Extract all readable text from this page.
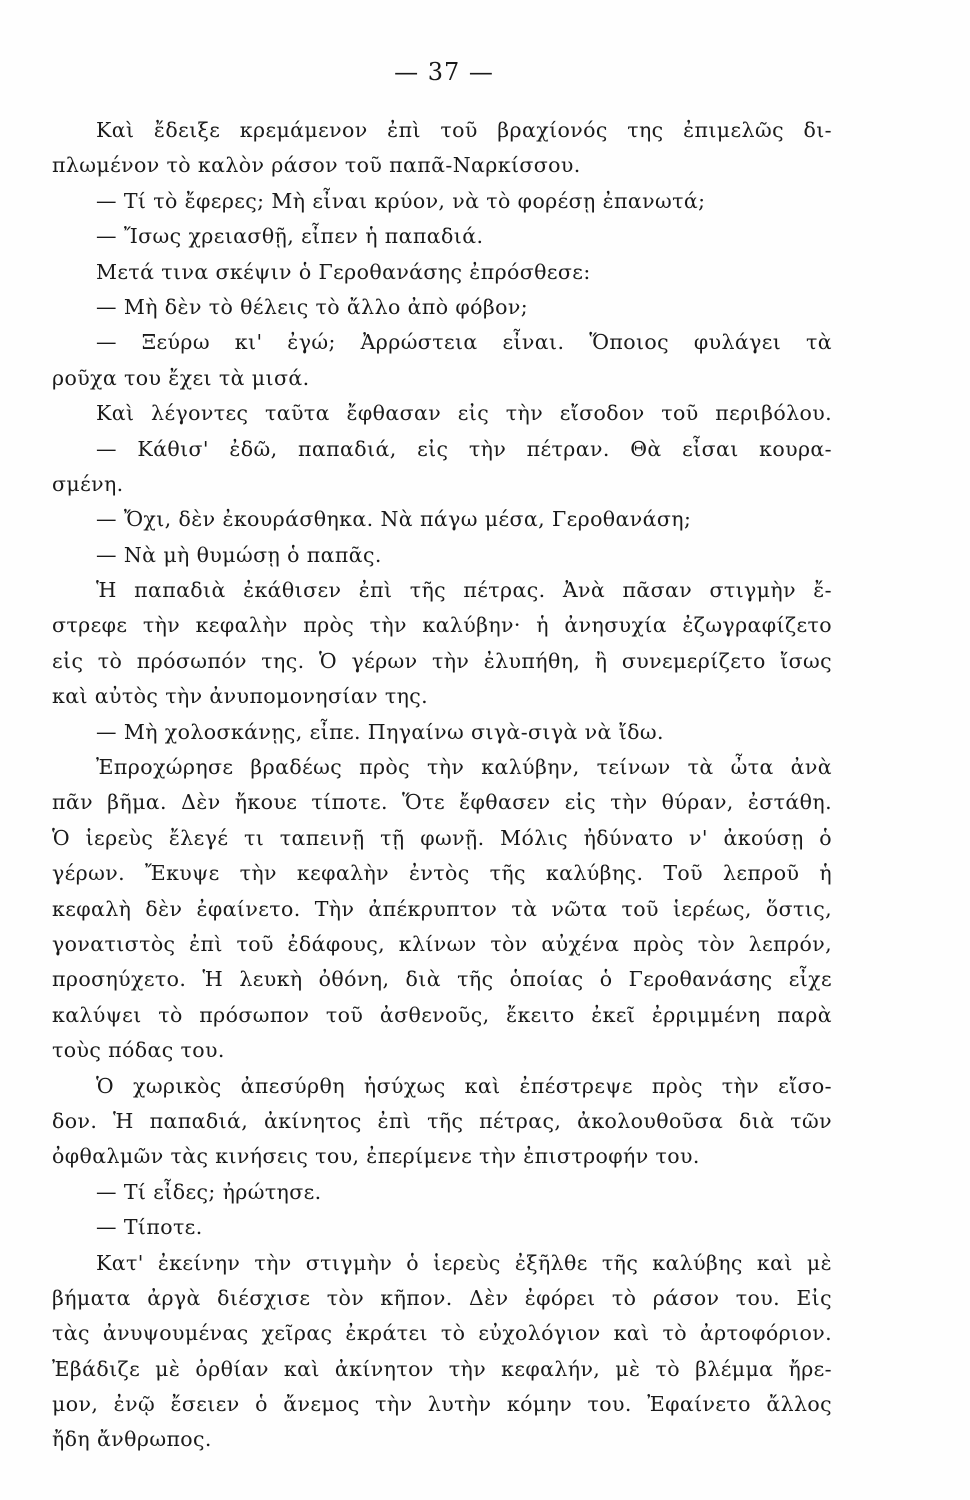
— 37 —
Καὶ ἔδειξε κρεμάμενον ἐπὶ τοῦ βραχίονός της ἐπιμελῶς δι-
πλωμένον τὸ καλὸν ράσον τοῦ παπᾶ-Ναρκίσσου.
— Τί τὸ ἔφερες; Μὴ εἶναι κρύον, νὰ τὸ φορέσῃ ἐπανωτά;
— Ἴσως χρειασθῇ, εἶπεν ἡ παπαδιά.
Μετά τινα σκέψιν ὁ Γεροθανάσης ἐπρόσθεσε:
— Μὴ δὲν τὸ θέλεις τὸ ἄλλο ἀπὸ φόβον;
— Ξεύρω κι' ἐγώ; Ἀρρώστεια εἶναι. Ὅποιος φυλάγει τὰ
ροῦχα του ἔχει τὰ μισά.
Καὶ λέγοντες ταῦτα ἔφθασαν εἰς τὴν εἴσοδον τοῦ περιβόλου.
— Κάθισ' ἐδῶ, παπαδιά, εἰς τὴν πέτραν. Θὰ εἶσαι κουρα-
σμένη.
— Ὄχι, δὲν ἐκουράσθηκα. Νὰ πάγω μέσα, Γεροθανάση;
— Νὰ μὴ θυμώσῃ ὁ παπᾶς.
Ἡ παπαδιὰ ἐκάθισεν ἐπὶ τῆς πέτρας. Ἀνὰ πᾶσαν στιγμὴν ἔ-
στρεφε τὴν κεφαλὴν πρὸς τὴν καλύβην· ἡ ἀνησυχία ἐζωγραφίζετο
εἰς τὸ πρόσωπόν της. Ὁ γέρων τὴν ἐλυπήθη, ἢ συνεμερίζετο ἴσως
καὶ αὐτὸς τὴν ἀνυπομονησίαν της.
— Μὴ χολοσκάνῃς, εἶπε. Πηγαίνω σιγὰ-σιγὰ νὰ ἴδω.
Ἐπροχώρησε βραδέως πρὸς τὴν καλύβην, τείνων τὰ ὦτα ἀνὰ
πᾶν βῆμα. Δὲν ἤκουε τίποτε. Ὅτε ἔφθασεν εἰς τὴν θύραν, ἐστάθη.
Ὁ ἱερεὺς ἔλεγέ τι ταπεινῇ τῇ φωνῇ. Μόλις ἠδύνατο ν' ἀκούσῃ ὁ
γέρων. Ἔκυψε τὴν κεφαλὴν ἐντὸς τῆς καλύβης. Τοῦ λεπροῦ ἡ
κεφαλὴ δὲν ἐφαίνετο. Τὴν ἀπέκρυπτον τὰ νῶτα τοῦ ἱερέως, ὅστις,
γονατιστὸς ἐπὶ τοῦ ἐδάφους, κλίνων τὸν αὐχένα πρὸς τὸν λεπρόν,
προσηύχετο. Ἡ λευκὴ ὀθόνη, διὰ τῆς ὁποίας ὁ Γεροθανάσης εἶχε
καλύψει τὸ πρόσωπον τοῦ ἀσθενοῦς, ἔκειτο ἐκεῖ ἐρριμμένη παρὰ
τοὺς πόδας του.
Ὁ χωρικὸς ἀπεσύρθη ἡσύχως καὶ ἐπέστρεψε πρὸς τὴν εἴσο-
δον. Ἡ παπαδιά, ἀκίνητος ἐπὶ τῆς πέτρας, ἀκολουθοῦσα διὰ τῶν
ὀφθαλμῶν τὰς κινήσεις του, ἐπερίμενε τὴν ἐπιστροφήν του.
— Τί εἶδες; ἠρώτησε.
— Τίποτε.
Κατ' ἐκείνην τὴν στιγμὴν ὁ ἱερεὺς ἐξῆλθε τῆς καλύβης καὶ μὲ
βήματα ἀργὰ διέσχισε τὸν κῆπον. Δὲν ἐφόρει τὸ ράσον του. Εἰς
τὰς ἀνυψουμένας χεῖρας ἐκράτει τὸ εὐχολόγιον καὶ τὸ ἀρτοφόριον.
Ἐβάδιζε μὲ ὀρθίαν καὶ ἀκίνητον τὴν κεφαλήν, μὲ τὸ βλέμμα ἤρε-
μον, ἐνῷ ἔσειεν ὁ ἄνεμος τὴν λυτὴν κόμην του. Ἐφαίνετο ἄλλος
ἤδη ἄνθρωπος.
